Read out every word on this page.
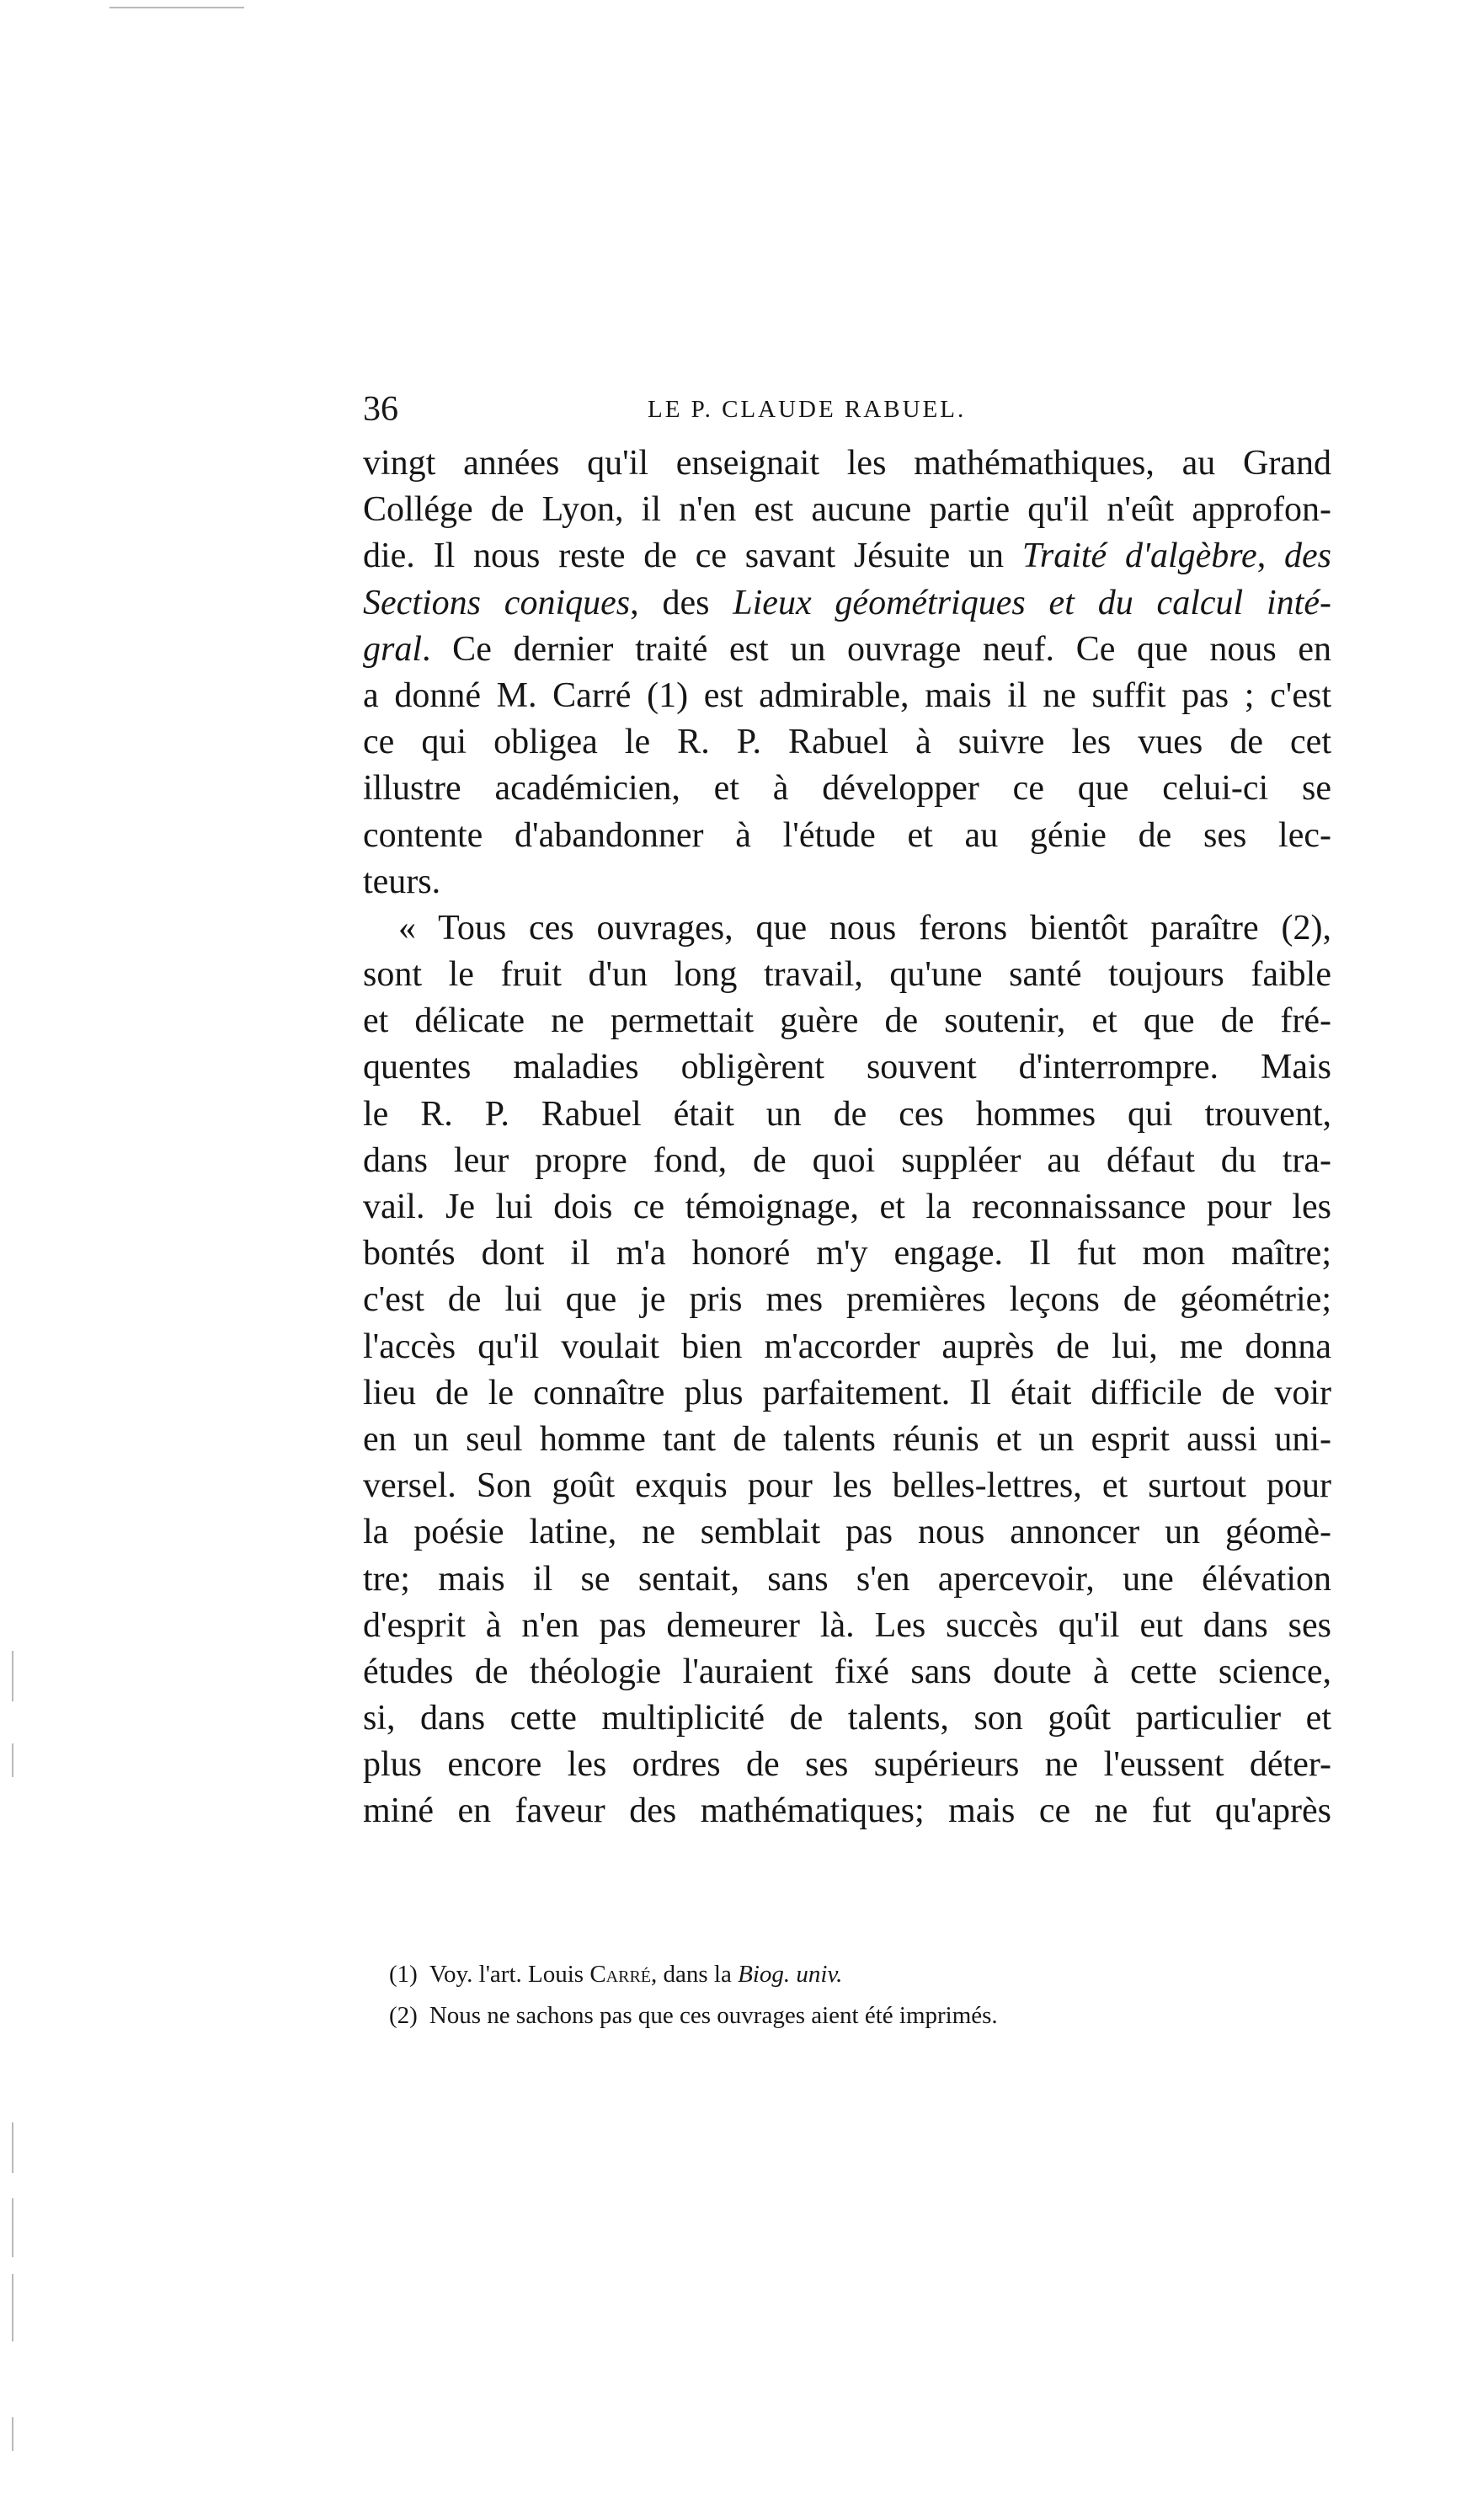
36	LE P. CLAUDE RABUEL.
vingt années qu'il enseignait les mathémathiques, au Grand
Collége de Lyon, il n'en est aucune partie qu'il n'eût approfon-
die. Il nous reste de ce savant Jésuite un Traité d'algèbre, des
Sections coniques, des Lieux géométriques et du calcul inté-
gral. Ce dernier traité est un ouvrage neuf. Ce que nous en
a donné M. Carré (1) est admirable, mais il ne suffit pas ; c'est
ce qui obligea le R. P. Rabuel à suivre les vues de cet
illustre académicien, et à développer ce que celui-ci se
contente d'abandonner à l'étude et au génie de ses lec-
teurs.
« Tous ces ouvrages, que nous ferons bientôt paraître (2),
sont le fruit d'un long travail, qu'une santé toujours faible
et délicate ne permettait guère de soutenir, et que de fré-
quentes maladies obligèrent souvent d'interrompre. Mais
le R. P. Rabuel était un de ces hommes qui trouvent,
dans leur propre fond, de quoi suppléer au défaut du tra-
vail. Je lui dois ce témoignage, et la reconnaissance pour les
bontés dont il m'a honoré m'y engage. Il fut mon maître;
c'est de lui que je pris mes premières leçons de géométrie;
l'accès qu'il voulait bien m'accorder auprès de lui, me donna
lieu de le connaître plus parfaitement. Il était difficile de voir
en un seul homme tant de talents réunis et un esprit aussi uni-
versel. Son goût exquis pour les belles-lettres, et surtout pour
la poésie latine, ne semblait pas nous annoncer un géomè-
tre; mais il se sentait, sans s'en apercevoir, une élévation
d'esprit à n'en pas demeurer là. Les succès qu'il eut dans ses
études de théologie l'auraient fixé sans doute à cette science,
si, dans cette multiplicité de talents, son goût particulier et
plus encore les ordres de ses supérieurs ne l'eussent déter-
miné en faveur des mathématiques; mais ce ne fut qu'après
(1) Voy. l'art. Louis Carré, dans la Biog. univ.
(2) Nous ne sachons pas que ces ouvrages aient été imprimés.
